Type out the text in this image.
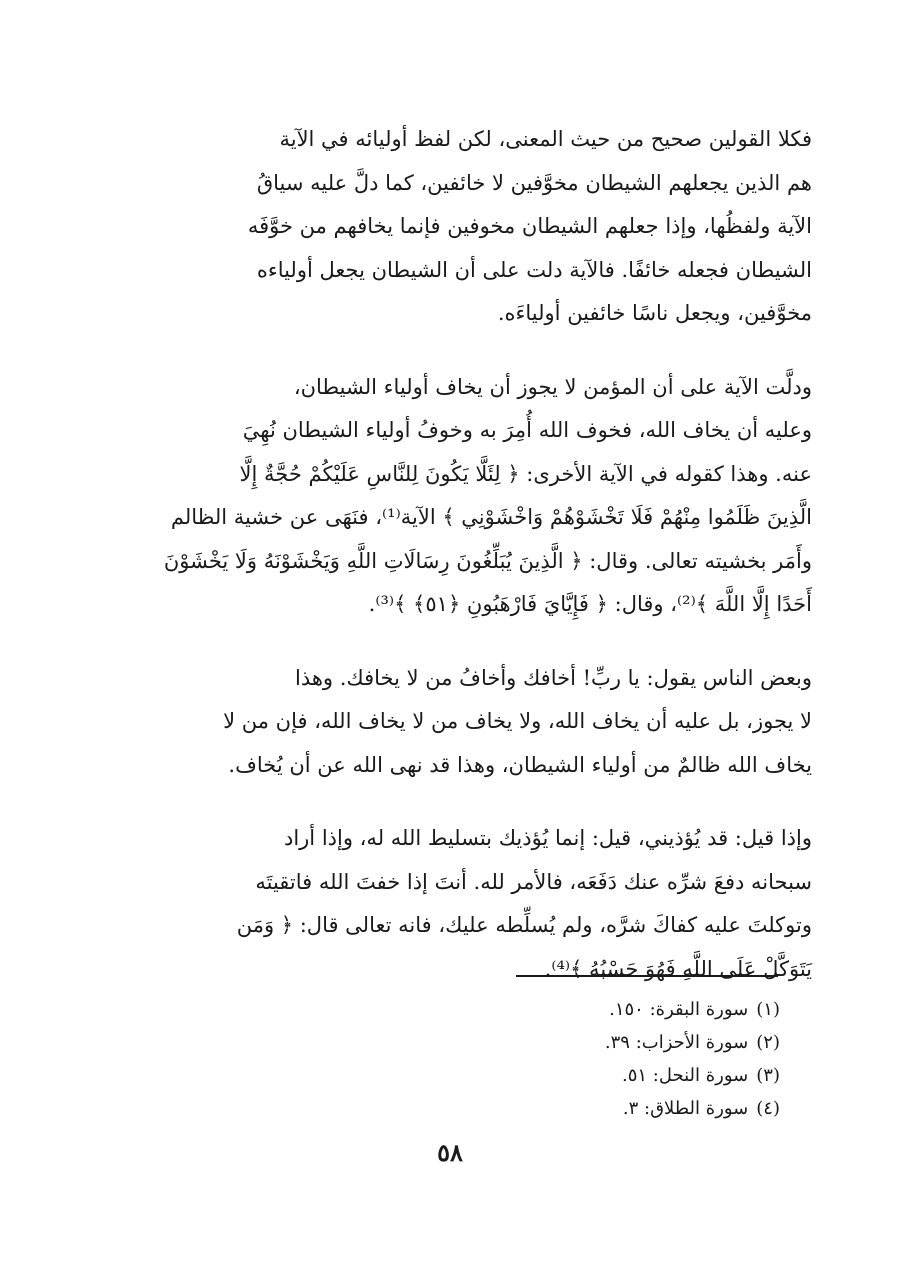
فكلا القولين صحيح من حيث المعنى، لكن لفظ أوليائه في الآية
هم الذين يجعلهم الشيطان مخوَّفين لا خائفين، كما دلَّ عليه سياقُ
الآية ولفظُها، وإذا جعلهم الشيطان مخوفين فإنما يخافهم من خوَّفَه
الشيطان فجعله خائفًا. فالآية دلت على أن الشيطان يجعل أولياءه
مخوَّفين، ويجعل ناسًا خائفين أولياءَه.

ودلَّت الآية على أن المؤمن لا يجوز أن يخاف أولياء الشيطان،
وعليه أن يخاف الله، فخوف الله أُمِرَ به وخوفُ أولياء الشيطان نُهِيَ
عنه. وهذا كقوله في الآية الأخرى: ﴿ لِئَلَّا يَكُونَ لِلنَّاسِ عَلَيْكُمْ حُجَّةٌ إِلَّا
الَّذِينَ ظَلَمُوا مِنْهُمْ فَلَا تَخْشَوْهُمْ وَاخْشَوْنِي ﴾ الآية⁽¹⁾، فنَهَى عن خشية الظالم
وأَمَر بخشيته تعالى. وقال: ﴿ الَّذِينَ يُبَلِّغُونَ رِسَالَاتِ اللَّهِ وَيَخْشَوْنَهُ وَلَا يَخْشَوْنَ
أَحَدًا إِلَّا اللَّهَ ﴾⁽²⁾، وقال: ﴿ فَإِيَّايَ فَارْهَبُونِ ﴿٥١﴾ ﴾⁽³⁾.

وبعض الناس يقول: يا ربِّ! أخافك وأخافُ من لا يخافك. وهذا
لا يجوز، بل عليه أن يخاف الله، ولا يخاف من لا يخاف الله، فإن من لا
يخاف الله ظالمٌ من أولياء الشيطان، وهذا قد نهى الله عن أن يُخاف.

وإذا قيل: قد يُؤذيني، قيل: إنما يُؤذيك بتسليط الله له، وإذا أراد
سبحانه دفعَ شرِّه عنك دَفَعَه، فالأمر لله. أنتَ إذا خفتَ الله فاتقيتَه
وتوكلتَ عليه كفاكَ شرَّه، ولم يُسلِّطه عليك، فانه تعالى قال: ﴿ وَمَن
يَتَوَكَّلْ عَلَى اللَّهِ فَهُوَ حَسْبُهُ ﴾⁽⁴⁾.

(١)سورة البقرة: ١٥٠.
(٢)سورة الأحزاب: ٣٩.
(٣)سورة النحل: ٥١.
(٤)سورة الطلاق: ٣.
٥٨
